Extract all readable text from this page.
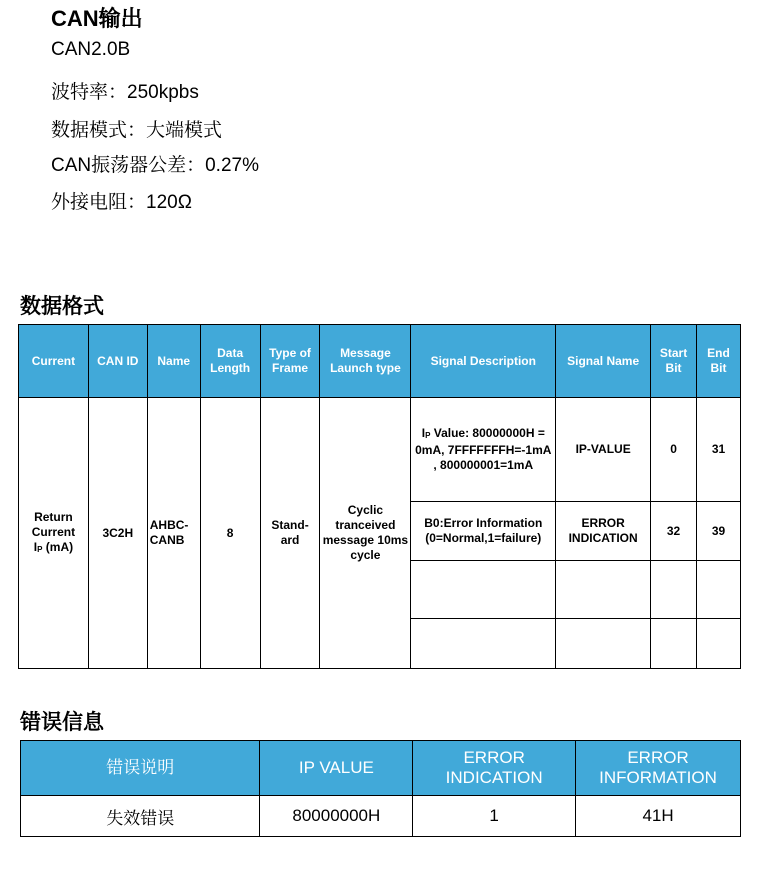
CAN输出
CAN2.0B
波特率：250kpbs
数据模式：大端模式
CAN振荡器公差：0.27%
外接电阻：120Ω
数据格式
Current	CAN ID	Name	Data Length	Type of Frame	Message Launch type	Signal Description	Signal Name	Start Bit	End Bit
Return Current
$I_P$ (mA)	3C2H	AHBC-CANB	8	Stand-ard	Cyclic tranceived message 10ms cycle	$I_P$ Value: 80000000H = 0mA, 7FFFFFFFH=-1mA , 800000001=1mA	IP-VALUE	0	31
						B0:Error Information (0=Normal,1=failure)	ERROR INDICATION	32	39

错误信息
错误说明	IP VALUE	ERROR INDICATION	ERROR INFORMATION
失效错误	80000000H	1	41H
